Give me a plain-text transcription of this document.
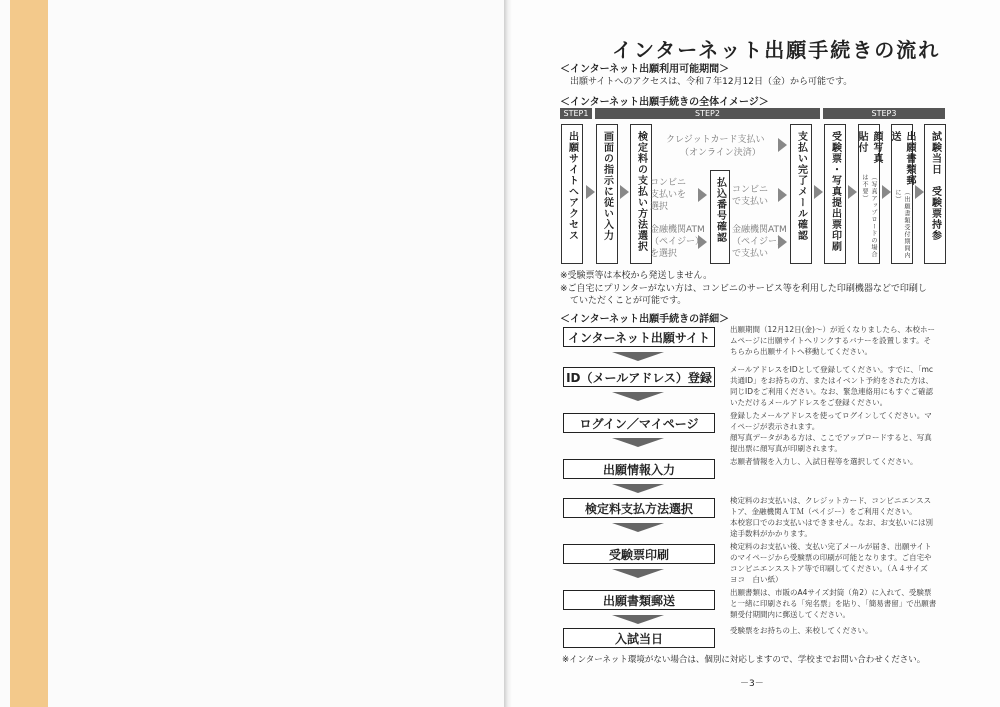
インターネット出願手続きの流れ
＜インターネット出願利用可能期間＞
出願サイトへのアクセスは、令和７年12月12日（金）から可能です。
＜インターネット出願手続きの全体イメージ＞
STEP1	STEP2	STEP3
出願サイトへアクセス	画面の指示に従い入力	検定料の支払い方法選択	クレジットカード支払い
（オンライン決済）
コンビニ
支払いを
選択
金融機関ATM
（ペイジー）
を選択
払込番号確認 コンビニ
で支払い
金融機関ATM
（ペイジー）
で支払い
支払い完了メール確認	受験票・写真提出票印刷	顔写真貼付
（写真アップロードの場合は不要）
出願書類郵送
（出願書類受付期間内に）	試験当日　受験票持参
※受験票等は本校から発送しません。
※ご自宅にプリンターがない方は、コンビニのサービス等を利用した印刷機器などで印刷し
ていただくことが可能です。
＜インターネット出願手続きの詳細＞
インターネット出願サイト
出願期間（12月12日(金)～）が近くなりましたら、本校ホー
ムページに出願サイトへリンクするバナーを設置します。そ
ちらから出願サイトへ移動してください。
ID（メールアドレス）登録
メールアドレスをIDとして登録してください。すでに、「mc
共通ID」をお持ちの方、またはイベント予約をされた方は、
同じIDをご利用ください。なお、緊急連絡用にもすぐご確認
いただけるメールアドレスをご登録ください。
ログイン／マイページ
登録したメールアドレスを使ってログインしてください。マ
イページが表示されます。
顔写真データがある方は、ここでアップロードすると、写真
提出票に顔写真が印刷されます。
出願情報入力
志願者情報を入力し、入試日程等を選択してください。
検定料支払方法選択
検定料のお支払いは、クレジットカード、コンビニエンスス
トア、金融機関ＡＴＭ（ペイジー）をご利用ください。
本校窓口でのお支払いはできません。なお、お支払いには別
途手数料がかかります。
受験票印刷
検定料のお支払い後、支払い完了メールが届き、出願サイト
のマイページから受験票の印刷が可能となります。ご自宅や
コンビニエンスストア等で印刷してください。（Ａ４サイズ
ヨコ　白い紙）
出願書類郵送
出願書類は、市販のA4サイズ封筒（角2）に入れて、受験票
と一緒に印刷される「宛名票」を貼り、「簡易書留」で出願書
類受付期間内に郵送してください。
入試当日
受験票をお持ちの上、来校してください。
※インターネット環境がない場合は、個別に対応しますので、学校までお問い合わせください。
－3－
